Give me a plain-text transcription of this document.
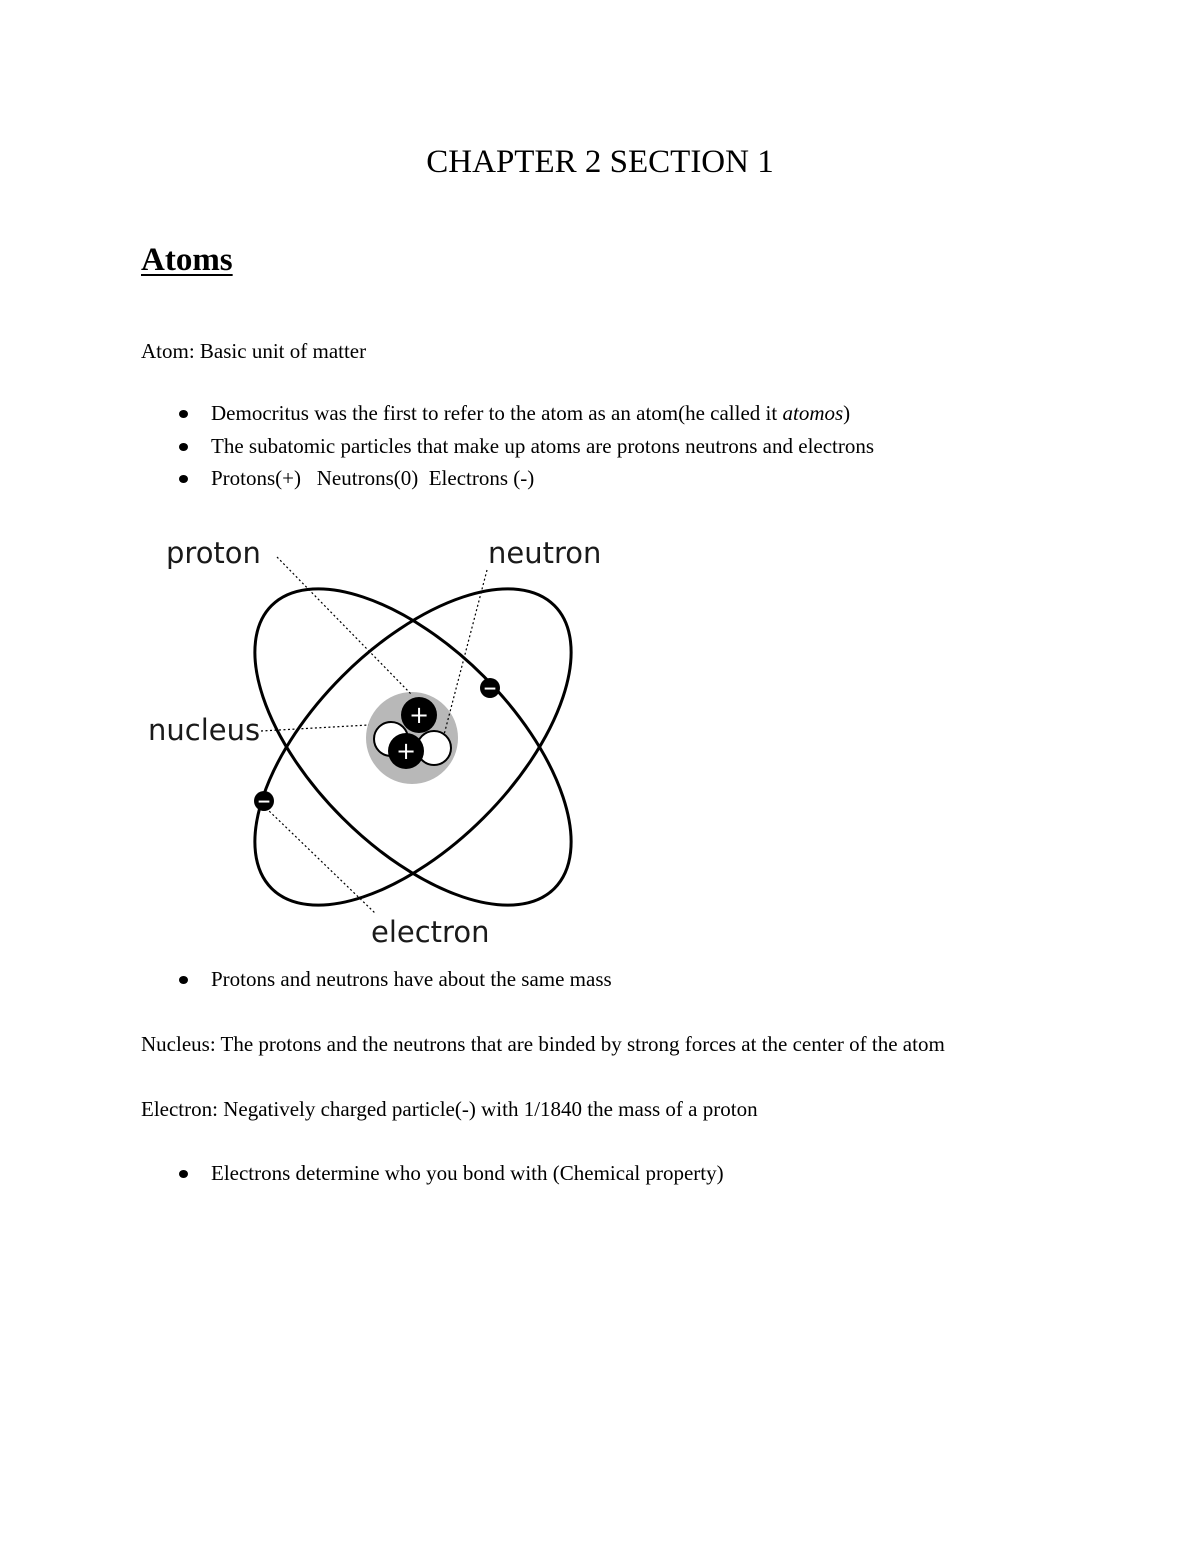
CHAPTER 2 SECTION 1
Atoms

Atom: Basic unit of matter

Democritus was the first to refer to the atom as an atom(he called it atomos)
The subatomic particles that make up atoms are protons neutrons and electrons
Protons(+)   Neutrons(0)  Electrons (-)
+
+
−
−
proton	neutron
nucleus
electron
Protons and neutrons have about the same mass

Nucleus: The protons and the neutrons that are binded by strong forces at the center of the atom

Electron: Negatively charged particle(-) with 1/1840 the mass of a proton

Electrons determine who you bond with (Chemical property)
